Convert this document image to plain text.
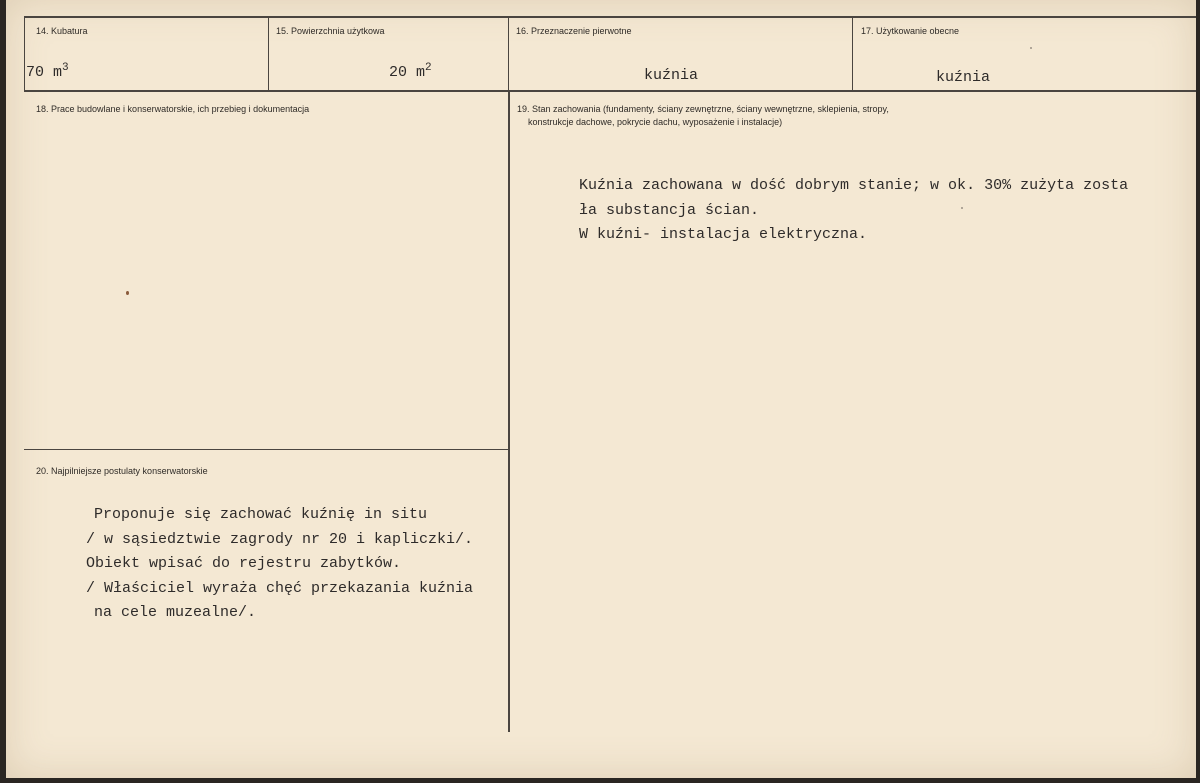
14. Kubatura
70 $m^3$
15. Powierzchnia użytkowa
20 $m^2$
16. Przeznaczenie pierwotne
kuźnia
17. Użytkowanie obecne
kuźnia
18. Prace budowlane i konserwatorskie, ich przebieg i dokumentacja	19. Stan zachowania (fundamenty, ściany zewnętrzne, ściany wewnętrzne, sklepienia, stropy,
konstrukcje dachowe, pokrycie dachu, wyposażenie i instalacje)
Kuźnia zachowana w dość dobrym stanie; w ok. 30% zużyta zosta
ła substancja ścian.
W kuźni- instalacja elektryczna.
20. Najpilniejsze postulaty konserwatorskie
Proponuje się zachować kuźnię in situ
/ w sąsiedztwie zagrody nr 20 i kapliczki/.
Obiekt wpisać do rejestru zabytków.
/ Właściciel wyraża chęć przekazania kuźnia
na cele muzealne/.
